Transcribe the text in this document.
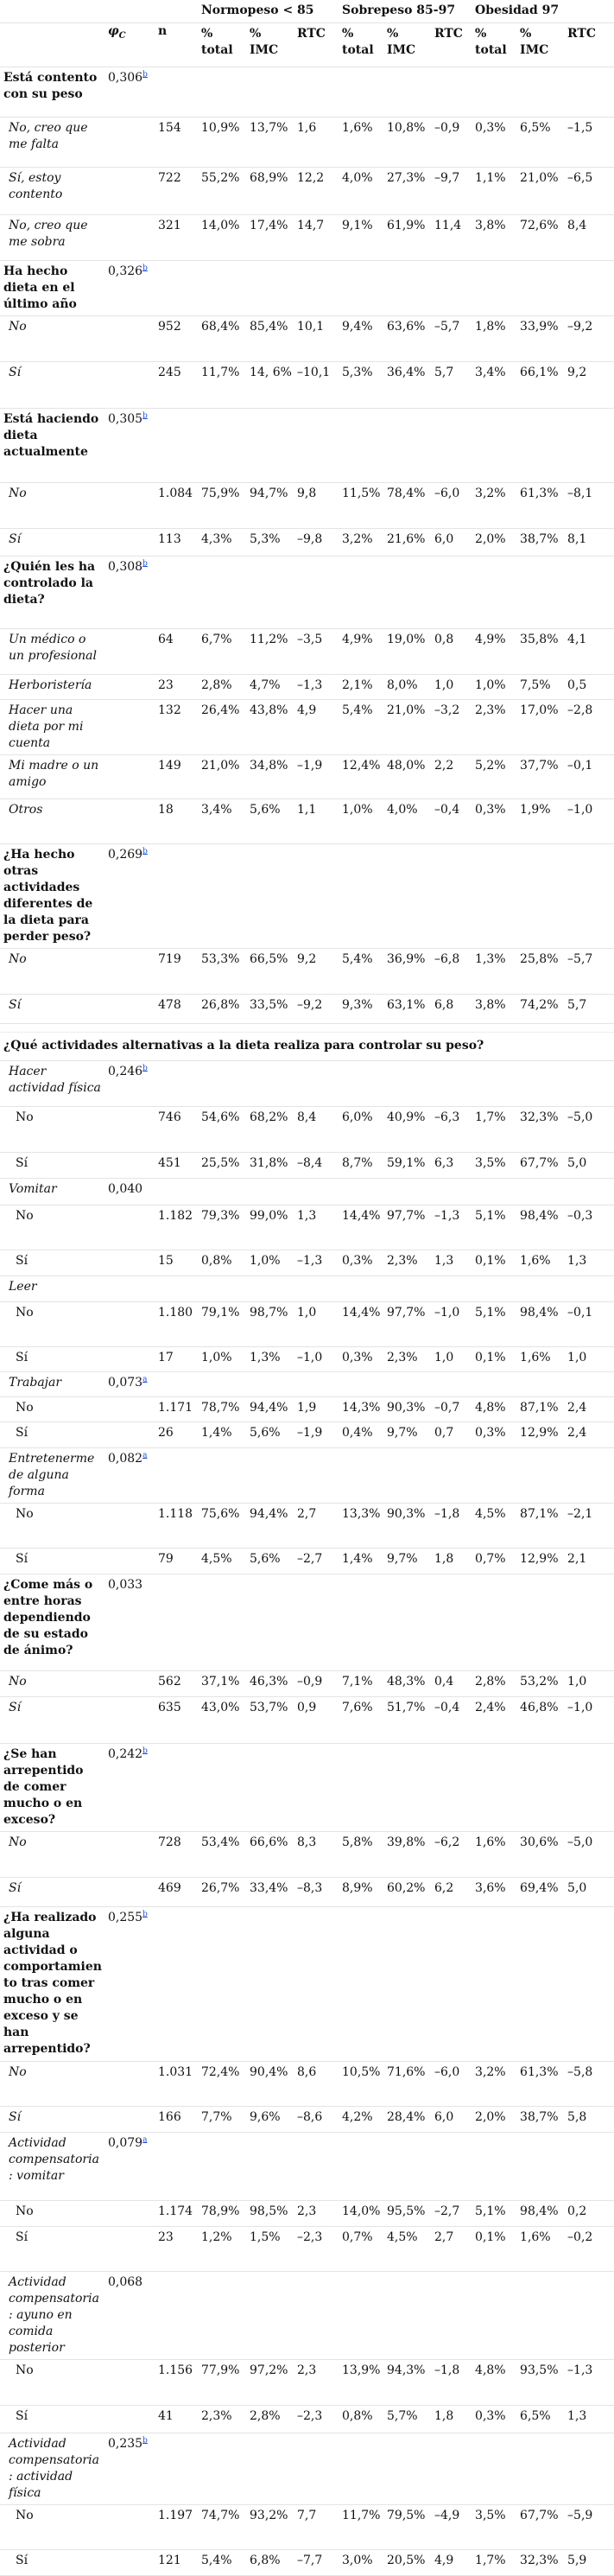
			Normopeso < 85			Sobrepeso 85-97			Obesidad 97		
	$\varphi_C$	n	% total	% IMC	RTC	% total	% IMC	RTC	% total	% IMC	RTC
Está contento con su peso	0,306$^b$										
No, creo que me falta		154	10,9%	13,7%	1,6	1,6%	10,8%	–0,9	0,3%	6,5%	–1,5
Sí, estoy contento		722	55,2%	68,9%	12,2	4,0%	27,3%	–9,7	1,1%	21,0%	–6,5
No, creo que me sobra		321	14,0%	17,4%	14,7	9,1%	61,9%	11,4	3,8%	72,6%	8,4
Ha hecho dieta en el último año	0,326$^b$										
No		952	68,4%	85,4%	10,1	9,4%	63,6%	–5,7	1,8%	33,9%	–9,2
Sí		245	11,7%	14, 6%	–10,1	5,3%	36,4%	5,7	3,4%	66,1%	9,2
Está haciendo dieta actualmente	0,305$^b$										
No		1.084	75,9%	94,7%	9,8	11,5%	78,4%	–6,0	3,2%	61,3%	–8,1
Sí		113	4,3%	5,3%	–9,8	3,2%	21,6%	6,0	2,0%	38,7%	8,1
¿Quién les ha controlado la dieta?	0,308$^b$										
Un médico o un profesional		64	6,7%	11,2%	–3,5	4,9%	19,0%	0,8	4,9%	35,8%	4,1
Herboristería		23	2,8%	4,7%	–1,3	2,1%	8,0%	1,0	1,0%	7,5%	0,5
Hacer una dieta por mi cuenta		132	26,4%	43,8%	4,9	5,4%	21,0%	–3,2	2,3%	17,0%	–2,8
Mi madre o un amigo		149	21,0%	34,8%	–1,9	12,4%	48,0%	2,2	5,2%	37,7%	–0,1
Otros		18	3,4%	5,6%	1,1	1,0%	4,0%	–0,4	0,3%	1,9%	–1,0
¿Ha hecho otras actividades diferentes de la dieta para perder peso?	0,269$^b$										
No		719	53,3%	66,5%	9,2	5,4%	36,9%	–6,8	1,3%	25,8%	–5,7
Sí		478	26,8%	33,5%	–9,2	9,3%	63,1%	6,8	3,8%	74,2%	5,7

¿Qué actividades alternativas a la dieta realiza para controlar su peso?											
Hacer actividad física	0,246$^b$										
No		746	54,6%	68,2%	8,4	6,0%	40,9%	–6,3	1,7%	32,3%	–5,0
Sí		451	25,5%	31,8%	–8,4	8,7%	59,1%	6,3	3,5%	67,7%	5,0
Vomitar	0,040										
No		1.182	79,3%	99,0%	1,3	14,4%	97,7%	–1,3	5,1%	98,4%	–0,3
Sí		15	0,8%	1,0%	–1,3	0,3%	2,3%	1,3	0,1%	1,6%	1,3
Leer											
No		1.180	79,1%	98,7%	1,0	14,4%	97,7%	–1,0	5,1%	98,4%	–0,1
Sí		17	1,0%	1,3%	–1,0	0,3%	2,3%	1,0	0,1%	1,6%	1,0
Trabajar	0,073$^a$										
No		1.171	78,7%	94,4%	1,9	14,3%	90,3%	–0,7	4,8%	87,1%	2,4
Sí		26	1,4%	5,6%	–1,9	0,4%	9,7%	0,7	0,3%	12,9%	2,4
Entretenerme de alguna forma	0,082$^a$										
No		1.118	75,6%	94,4%	2,7	13,3%	90,3%	–1,8	4,5%	87,1%	–2,1
Sí		79	4,5%	5,6%	–2,7	1,4%	9,7%	1,8	0,7%	12,9%	2,1
¿Come más o entre horas dependiendo de su estado de ánimo?	0,033										
No		562	37,1%	46,3%	–0,9	7,1%	48,3%	0,4	2,8%	53,2%	1,0
Sí		635	43,0%	53,7%	0,9	7,6%	51,7%	–0,4	2,4%	46,8%	–1,0
¿Se han arrepentido de comer mucho o en exceso?	0,242$^b$										
No		728	53,4%	66,6%	8,3	5,8%	39,8%	–6,2	1,6%	30,6%	–5,0
Sí		469	26,7%	33,4%	–8,3	8,9%	60,2%	6,2	3,6%	69,4%	5,0
¿Ha realizado alguna actividad o comportamiento tras comer mucho o en exceso y se han arrepentido?	0,255$^b$										
No		1.031	72,4%	90,4%	8,6	10,5%	71,6%	–6,0	3,2%	61,3%	–5,8
Sí		166	7,7%	9,6%	–8,6	4,2%	28,4%	6,0	2,0%	38,7%	5,8
Actividad compensatoria: vomitar	0,079$^a$										
No		1.174	78,9%	98,5%	2,3	14,0%	95,5%	–2,7	5,1%	98,4%	0,2
Sí		23	1,2%	1,5%	–2,3	0,7%	4,5%	2,7	0,1%	1,6%	–0,2
Actividad compensatoria: ayuno en comida posterior	0,068										
No		1.156	77,9%	97,2%	2,3	13,9%	94,3%	–1,8	4,8%	93,5%	–1,3
Sí		41	2,3%	2,8%	–2,3	0,8%	5,7%	1,8	0,3%	6,5%	1,3
Actividad compensatoria: actividad física	0,235$^b$										
No		1.197	74,7%	93,2%	7,7	11,7%	79,5%	–4,9	3,5%	67,7%	–5,9
Sí		121	5,4%	6,8%	–7,7	3,0%	20,5%	4,9	1,7%	32,3%	5,9
